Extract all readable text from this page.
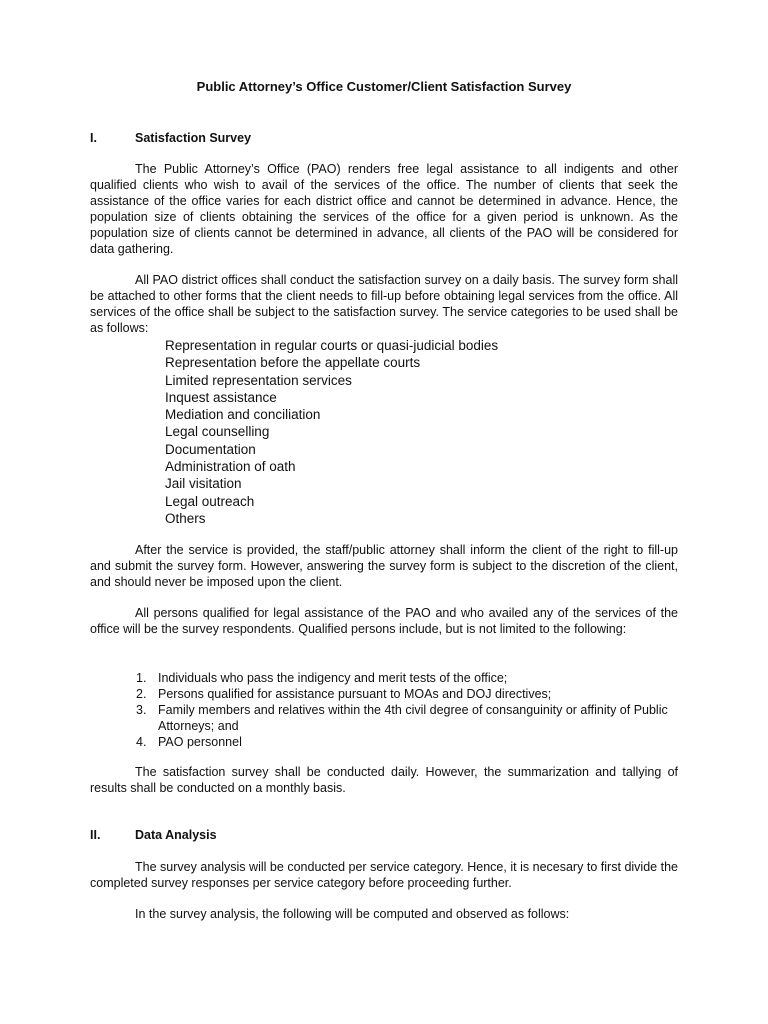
Public Attorney’s Office Customer/Client Satisfaction Survey
I.	Satisfaction Survey

The Public Attorney’s Office (PAO) renders free legal assistance to all indigents and other qualified clients who wish to avail of the services of the office. The number of clients that seek the assistance of the office varies for each district office and cannot be determined in advance. Hence, the population size of clients obtaining the services of the office for a given period is unknown. As the population size of clients cannot be determined in advance, all clients of the PAO will be considered for data gathering.

All PAO district offices shall conduct the satisfaction survey on a daily basis. The survey form shall be attached to other forms that the client needs to fill-up before obtaining legal services from the office. All services of the office shall be subject to the satisfaction survey. The service categories to be used shall be as follows:

Representation in regular courts or quasi-judicial bodies
Representation before the appellate courts
Limited representation services
Inquest assistance
Mediation and conciliation
Legal counselling
Documentation
Administration of oath
Jail visitation
Legal outreach
Others

After the service is provided, the staff/public attorney shall inform the client of the right to fill-up and submit the survey form. However, answering the survey form is subject to the discretion of the client, and should never be imposed upon the client.

All persons qualified for legal assistance of the PAO and who availed any of the services of the office will be the survey respondents. Qualified persons include, but is not limited to the following:

1. Individuals who pass the indigency and merit tests of the office;
2. Persons qualified for assistance pursuant to MOAs and DOJ directives;
3. Family members and relatives within the 4th civil degree of consanguinity or affinity of Public Attorneys; and
4. PAO personnel

The satisfaction survey shall be conducted daily. However, the summarization and tallying of results shall be conducted on a monthly basis.

II.	Data Analysis

The survey analysis will be conducted per service category. Hence, it is necesary to first divide the completed survey responses per service category before proceeding further.

In the survey analysis, the following will be computed and observed as follows:
